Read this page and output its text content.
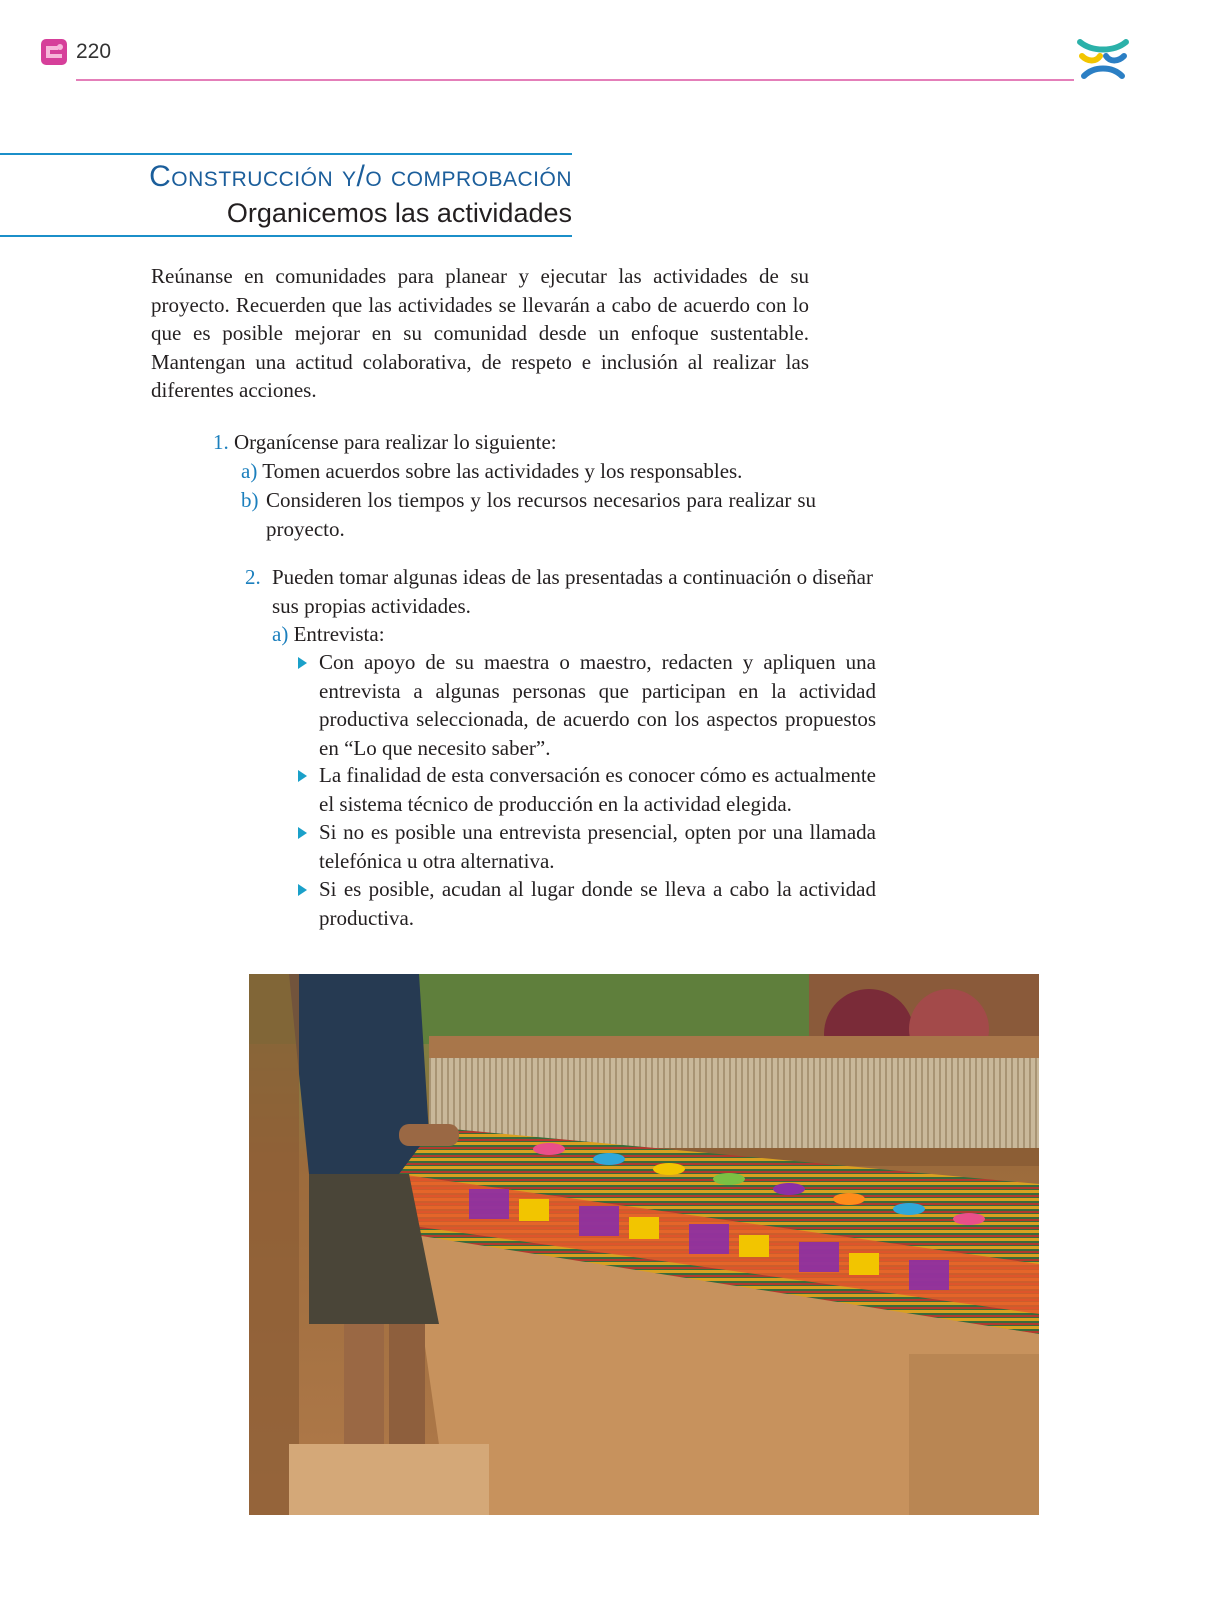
220
Construcción y/o comprobación
Organicemos las actividades

Reúnanse en comunidades para planear y ejecutar las actividades de su proyecto. Recuerden que las actividades se llevarán a cabo de acuerdo con lo que es posible mejorar en su comunidad desde un enfoque sustentable. Mantengan una actitud colaborativa, de respeto e inclusión al realizar las diferentes acciones.

1. Organícense para realizar lo siguiente:
a) Tomen acuerdos sobre las actividades y los responsables.
b) Consideren los tiempos y los recursos necesarios para realizar su proyecto.
2. Pueden tomar algunas ideas de las presentadas a continuación o diseñar sus propias actividades.
a) Entrevista:
Con apoyo de su maestra o maestro, redacten y apliquen una entrevista a algunas personas que participan en la actividad productiva seleccionada, de acuerdo con los aspectos propuestos en “Lo que necesito saber”.
La finalidad de esta conversación es conocer cómo es actualmente el sistema técnico de producción en la actividad elegida.
Si no es posible una entrevista presencial, opten por una llamada telefónica u otra alternativa.
Si es posible, acudan al lugar donde se lleva a cabo la actividad productiva.
